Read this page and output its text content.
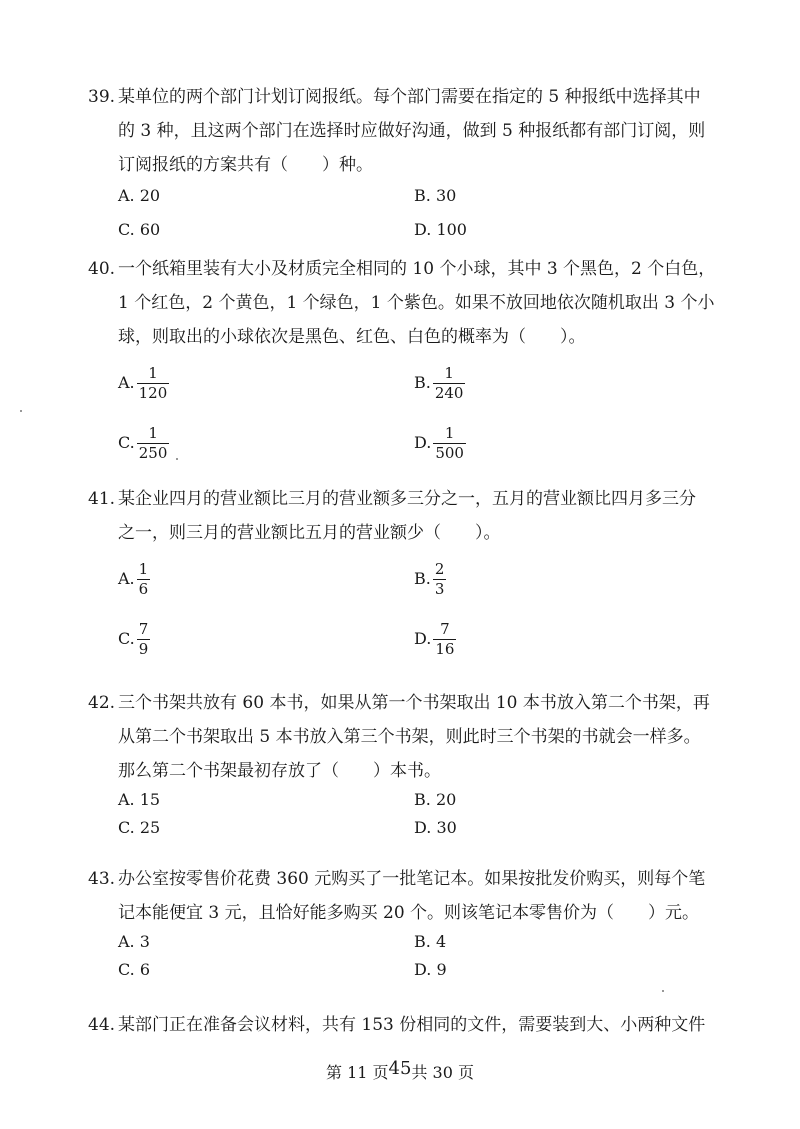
39. 某单位的两个部门计划订阅报纸。每个部门需要在指定的 5 种报纸中选择其中
的 3 种，且这两个部门在选择时应做好沟通，做到 5 种报纸都有部门订阅，则
订阅报纸的方案共有（　　）种。
A. 20	B. 30
C. 60	D. 100
40. 一个纸箱里装有大小及材质完全相同的 10 个小球，其中 3 个黑色，2 个白色，
1 个红色，2 个黄色，1 个绿色，1 个紫色。如果不放回地依次随机取出 3 个小
球，则取出的小球依次是黑色、红色、白色的概率为（　　）。
A. $\frac{1}{120}$	B. $\frac{1}{240}$
C. $\frac{1}{250}$	D. $\frac{1}{500}$
41. 某企业四月的营业额比三月的营业额多三分之一，五月的营业额比四月多三分
之一，则三月的营业额比五月的营业额少（　　）。
A. $\frac{1}{6}$	B. $\frac{2}{3}$
C. $\frac{7}{9}$	D. $\frac{7}{16}$
42. 三个书架共放有 60 本书，如果从第一个书架取出 10 本书放入第二个书架，再
从第二个书架取出 5 本书放入第三个书架，则此时三个书架的书就会一样多。
那么第二个书架最初存放了（　　）本书。
A. 15	B. 20
C. 25	D. 30
43. 办公室按零售价花费 360 元购买了一批笔记本。如果按批发价购买，则每个笔
记本能便宜 3 元，且恰好能多购买 20 个。则该笔记本零售价为（　　）元。
A. 3	B. 4
C. 6	D. 9
44. 某部门正在准备会议材料，共有 153 份相同的文件，需要装到大、小两种文件
第 11 页45共 30 页
